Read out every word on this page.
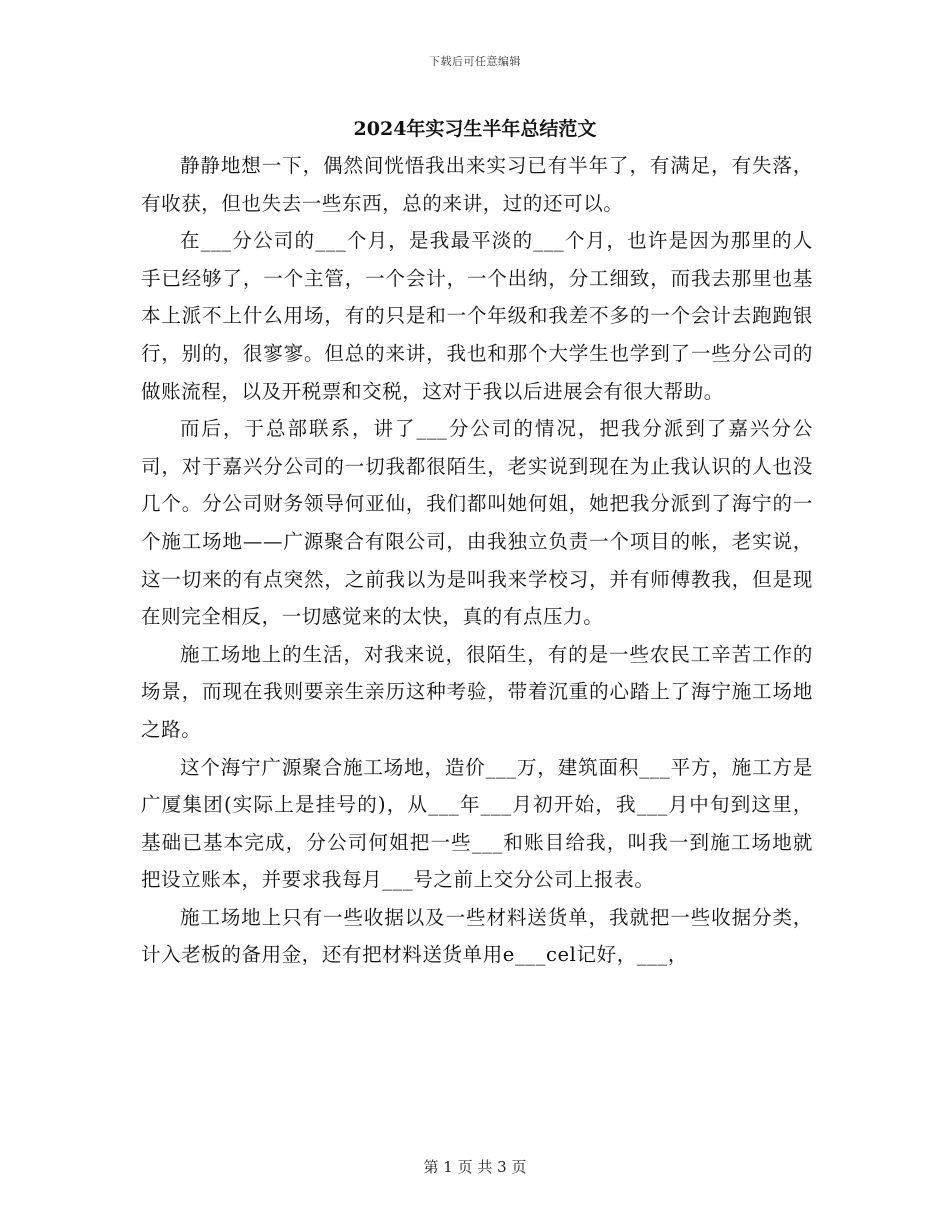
下载后可任意编辑
2024年实习生半年总结范文

静静地想一下，偶然间恍悟我出来实习已有半年了，有满足，有失落，有收获，但也失去一些东西，总的来讲，过的还可以。

在___分公司的___个月，是我最平淡的___个月，也许是因为那里的人手已经够了，一个主管，一个会计，一个出纳，分工细致，而我去那里也基本上派不上什么用场，有的只是和一个年级和我差不多的一个会计去跑跑银行，别的，很寥寥。但总的来讲，我也和那个大学生也学到了一些分公司的做账流程，以及开税票和交税，这对于我以后进展会有很大帮助。

而后，于总部联系，讲了___分公司的情况，把我分派到了嘉兴分公司，对于嘉兴分公司的一切我都很陌生，老实说到现在为止我认识的人也没几个。分公司财务领导何亚仙，我们都叫她何姐，她把我分派到了海宁的一个施工场地——广源聚合有限公司，由我独立负责一个项目的帐，老实说，这一切来的有点突然，之前我以为是叫我来学校习，并有师傅教我，但是现在则完全相反，一切感觉来的太快，真的有点压力。

施工场地上的生活，对我来说，很陌生，有的是一些农民工辛苦工作的场景，而现在我则要亲生亲历这种考验，带着沉重的心踏上了海宁施工场地之路。

这个海宁广源聚合施工场地，造价___万，建筑面积___平方，施工方是广厦集团(实际上是挂号的)，从___年___月初开始，我___月中旬到这里，基础已基本完成，分公司何姐把一些___和账目给我，叫我一到施工场地就把设立账本，并要求我每月___号之前上交分公司上报表。

施工场地上只有一些收据以及一些材料送货单，我就把一些收据分类，计入老板的备用金，还有把材料送货单用e___cel记好，___，

第 1 页 共 3 页
